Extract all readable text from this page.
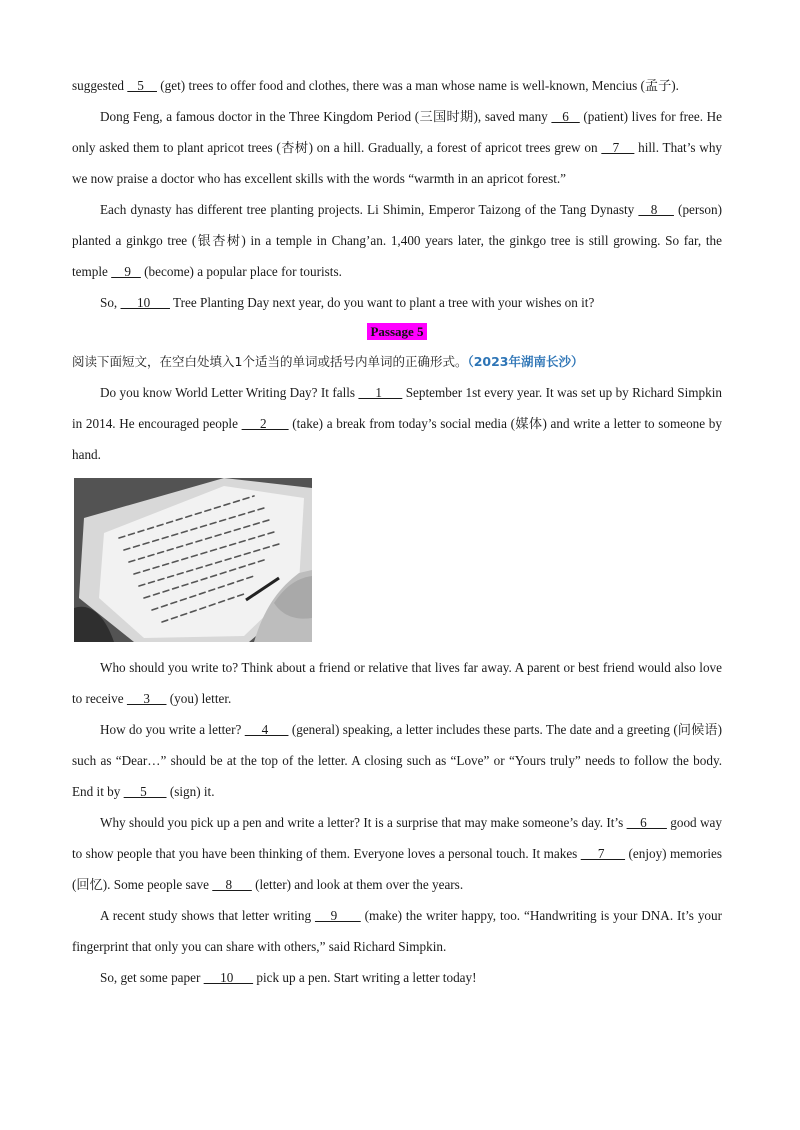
suggested    5     (get) trees to offer food and clothes, there was a man whose name is well-known, Mencius (孟子).

Dong Feng, a famous doctor in the Three Kingdom Period (三国时期), saved many    6    (patient) lives for free. He only asked them to plant apricot trees (杏树) on a hill. Gradually, a forest of apricot trees grew on    7     hill. That’s why we now praise a doctor who has excellent skills with the words “warmth in an apricot forest.”

Each dynasty has different tree planting projects. Li Shimin, Emperor Taizong of the Tang Dynasty    8     (person) planted a ginkgo tree (银杏树) in a temple in Chang’an. 1,400 years later, the ginkgo tree is still growing. So far, the temple     9    (become) a popular place for tourists.

So,      10       Tree Planting Day next year, do you want to plant a tree with your wishes on it?

Passage 5

阅读下面短文，在空白处填入1个适当的单词或括号内单词的正确形式。（2023年湖南长沙）

Do you know World Letter Writing Day? It falls      1       September 1st every year. It was set up by Richard Simpkin in 2014. He encouraged people      2       (take) a break from today’s social media (媒体) and write a letter to someone by hand.

Who should you write to? Think about a friend or relative that lives far away. A parent or best friend would also love to receive      3      (you) letter.

How do you write a letter?      4       (general) speaking, a letter includes these parts. The date and a greeting (问候语) such as “Dear…” should be at the top of the letter. A closing such as “Love” or “Yours truly” needs to follow the body. End it by      5       (sign) it.

Why should you pick up a pen and write a letter? It is a surprise that may make someone’s day. It’s     6       good way to show people that you have been thinking of them. Everyone loves a personal touch. It makes      7       (enjoy) memories (回忆). Some people save     8       (letter) and look at them over the years.

A recent study shows that letter writing     9       (make) the writer happy, too. “Handwriting is your DNA. It’s your fingerprint that only you can share with others,” said Richard Simpkin.

So, get some paper      10       pick up a pen. Start writing a letter today!
